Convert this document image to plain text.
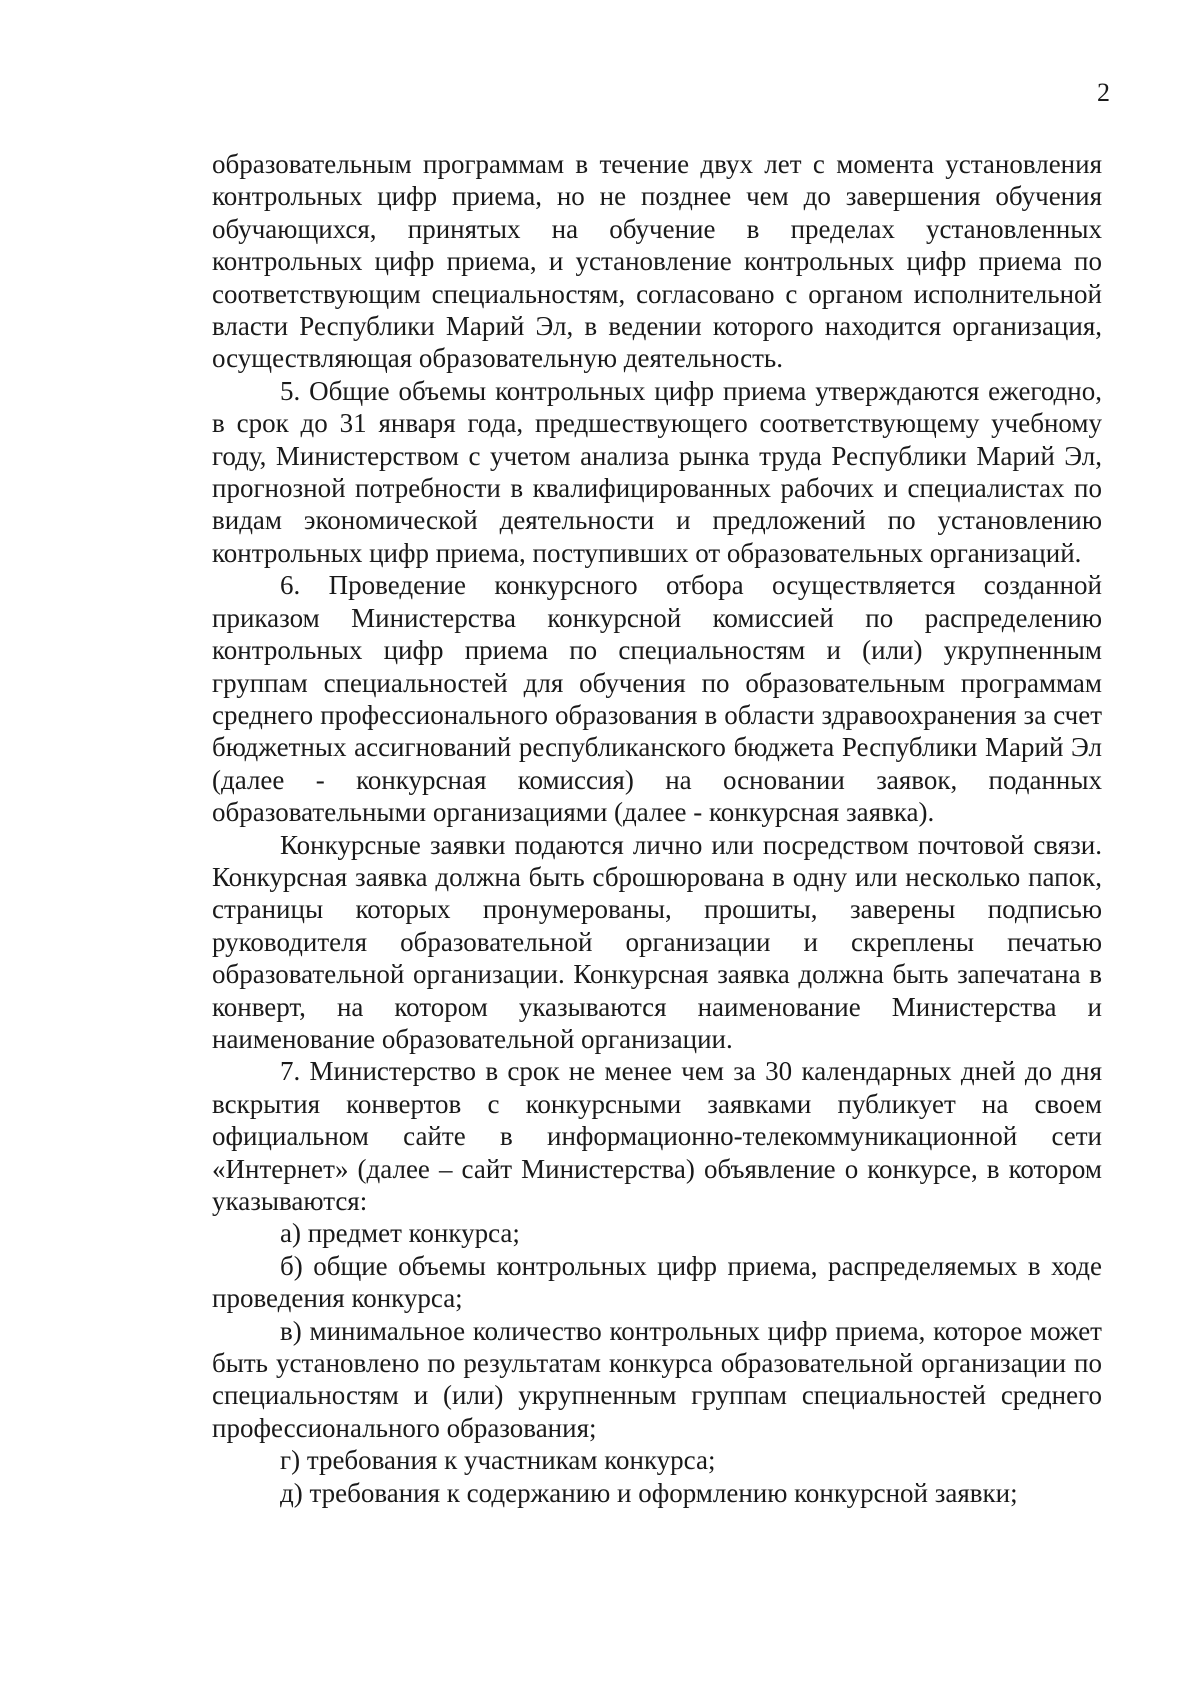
2

образовательным программам в течение двух лет с момента установления контрольных цифр приема, но не позднее чем до завершения обучения обучающихся, принятых на обучение в пределах установленных контрольных цифр приема, и установление контрольных цифр приема по соответствующим специальностям, согласовано с органом исполнительной власти Республики Марий Эл, в ведении которого находится организация, осуществляющая образовательную деятельность.

5. Общие объемы контрольных цифр приема утверждаются ежегодно, в срок до 31 января года, предшествующего соответствующему учебному году, Министерством с учетом анализа рынка труда Республики Марий Эл, прогнозной потребности в квалифицированных рабочих и специалистах по видам экономической деятельности и предложений по установлению контрольных цифр приема, поступивших от образовательных организаций.

6. Проведение конкурсного отбора осуществляется созданной приказом Министерства конкурсной комиссией по распределению контрольных цифр приема по специальностям и (или) укрупненным группам специальностей для обучения по образовательным программам среднего профессионального образования в области здравоохранения за счет бюджетных ассигнований республиканского бюджета Республики Марий Эл (далее - конкурсная комиссия) на основании заявок, поданных образовательными организациями (далее - конкурсная заявка).

Конкурсные заявки подаются лично или посредством почтовой связи. Конкурсная заявка должна быть сброшюрована в одну или несколько папок, страницы которых пронумерованы, прошиты, заверены подписью руководителя образовательной организации и скреплены печатью образовательной организации. Конкурсная заявка должна быть запечатана в конверт, на котором указываются наименование Министерства и наименование образовательной организации.

7. Министерство в срок не менее чем за 30 календарных дней до дня вскрытия конвертов с конкурсными заявками публикует на своем официальном сайте в информационно-телекоммуникационной сети «Интернет» (далее – сайт Министерства) объявление о конкурсе, в котором указываются:

а) предмет конкурса;

б) общие объемы контрольных цифр приема, распределяемых в ходе проведения конкурса;

в) минимальное количество контрольных цифр приема, которое может быть установлено по результатам конкурса образовательной организации по специальностям и (или) укрупненным группам специальностей среднего профессионального образования;

г) требования к участникам конкурса;

д) требования к содержанию и оформлению конкурсной заявки;
